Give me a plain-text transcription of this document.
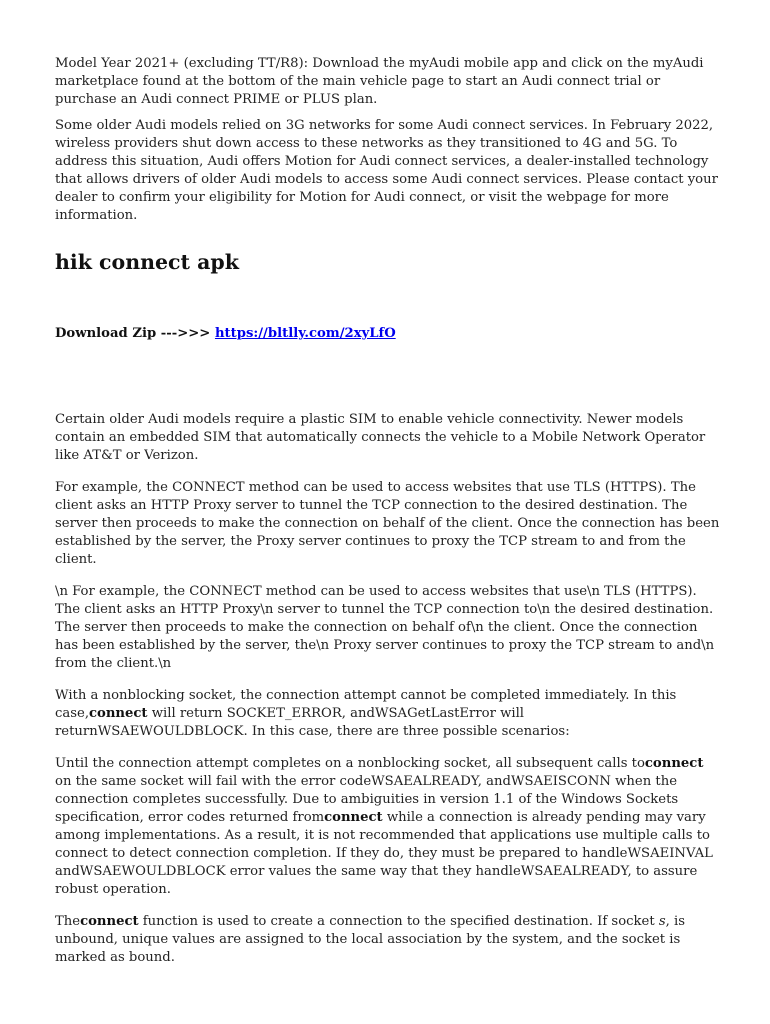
Model Year 2021+ (excluding TT/R8): Download the myAudi mobile app and click on the myAudi marketplace found at the bottom of the main vehicle page to start an Audi connect trial or purchase an Audi connect PRIME or PLUS plan.

Some older Audi models relied on 3G networks for some Audi connect services. In February 2022, wireless providers shut down access to these networks as they transitioned to 4G and 5G. To address this situation, Audi offers Motion for Audi connect services, a dealer-installed technology that allows drivers of older Audi models to access some Audi connect services. Please contact your dealer to confirm your eligibility for Motion for Audi connect, or visit the webpage for more information.

hik connect apk

Download Zip --->>> https://bltlly.com/2xyLfO

Certain older Audi models require a plastic SIM to enable vehicle connectivity. Newer models contain an embedded SIM that automatically connects the vehicle to a Mobile Network Operator like AT&T or Verizon.

For example, the CONNECT method can be used to access websites that use TLS (HTTPS). The client asks an HTTP Proxy server to tunnel the TCP connection to the desired destination. The server then proceeds to make the connection on behalf of the client. Once the connection has been established by the server, the Proxy server continues to proxy the TCP stream to and from the client.

\n For example, the CONNECT method can be used to access websites that use\n TLS (HTTPS). The client asks an HTTP Proxy\n server to tunnel the TCP connection to\n the desired destination. The server then proceeds to make the connection on behalf of\n the client. Once the connection has been established by the server, the\n Proxy server continues to proxy the TCP stream to and\n from the client.\n

With a nonblocking socket, the connection attempt cannot be completed immediately. In this case,connect will return SOCKET_ERROR, andWSAGetLastError will returnWSAEWOULDBLOCK. In this case, there are three possible scenarios:

Until the connection attempt completes on a nonblocking socket, all subsequent calls toconnect on the same socket will fail with the error codeWSAEALREADY, andWSAEISCONN when the connection completes successfully. Due to ambiguities in version 1.1 of the Windows Sockets specification, error codes returned fromconnect while a connection is already pending may vary among implementations. As a result, it is not recommended that applications use multiple calls to connect to detect connection completion. If they do, they must be prepared to handleWSAEINVAL andWSAEWOULDBLOCK error values the same way that they handleWSAEALREADY, to assure robust operation.

Theconnect function is used to create a connection to the specified destination. If socket s, is unbound, unique values are assigned to the local association by the system, and the socket is marked as bound.
